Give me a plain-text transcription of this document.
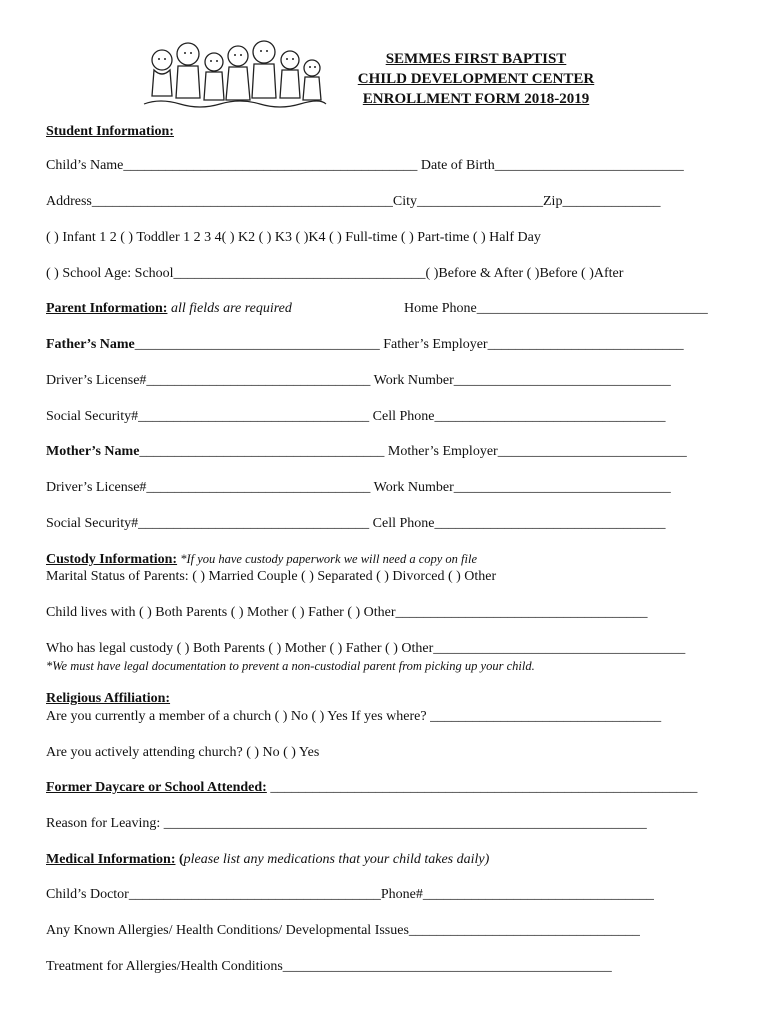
SEMMES FIRST BAPTIST
CHILD DEVELOPMENT CENTER
ENROLLMENT FORM 2018-2019
Student Information:
Child’s Name__________________________________________ Date of Birth___________________________
Address___________________________________________City__________________Zip______________
( ) Infant 1 2 ( ) Toddler 1 2 3 4( ) K2 ( ) K3 ( )K4 ( ) Full-time ( ) Part-time ( ) Half Day
( ) School Age: School____________________________________( )Before & After ( )Before ( )After
Parent Information: all fields are required	Home Phone_________________________________
Father’s Name___________________________________ Father’s Employer____________________________
Driver’s License#________________________________ Work Number_______________________________
Social Security#_________________________________ Cell Phone_________________________________
Mother’s Name___________________________________ Mother’s Employer___________________________
Driver’s License#________________________________ Work Number_______________________________
Social Security#_________________________________ Cell Phone_________________________________
Custody Information: *If you have custody paperwork we will need a copy on file
Marital Status of Parents: ( ) Married Couple ( ) Separated ( ) Divorced ( ) Other
Child lives with ( ) Both Parents ( ) Mother ( ) Father ( ) Other____________________________________
Who has legal custody ( ) Both Parents ( ) Mother ( ) Father ( ) Other____________________________________
*We must have legal documentation to prevent a non-custodial parent from picking up your child.
Religious Affiliation:
Are you currently a member of a church ( ) No ( ) Yes If yes where? _________________________________
Are you actively attending church? ( ) No ( ) Yes
Former Daycare or School Attended: _____________________________________________________________
Reason for Leaving: _____________________________________________________________________
Medical Information: (please list any medications that your child takes daily)
Child’s Doctor____________________________________Phone#_________________________________
Any Known Allergies/ Health Conditions/ Developmental Issues_________________________________
Treatment for Allergies/Health Conditions_______________________________________________
